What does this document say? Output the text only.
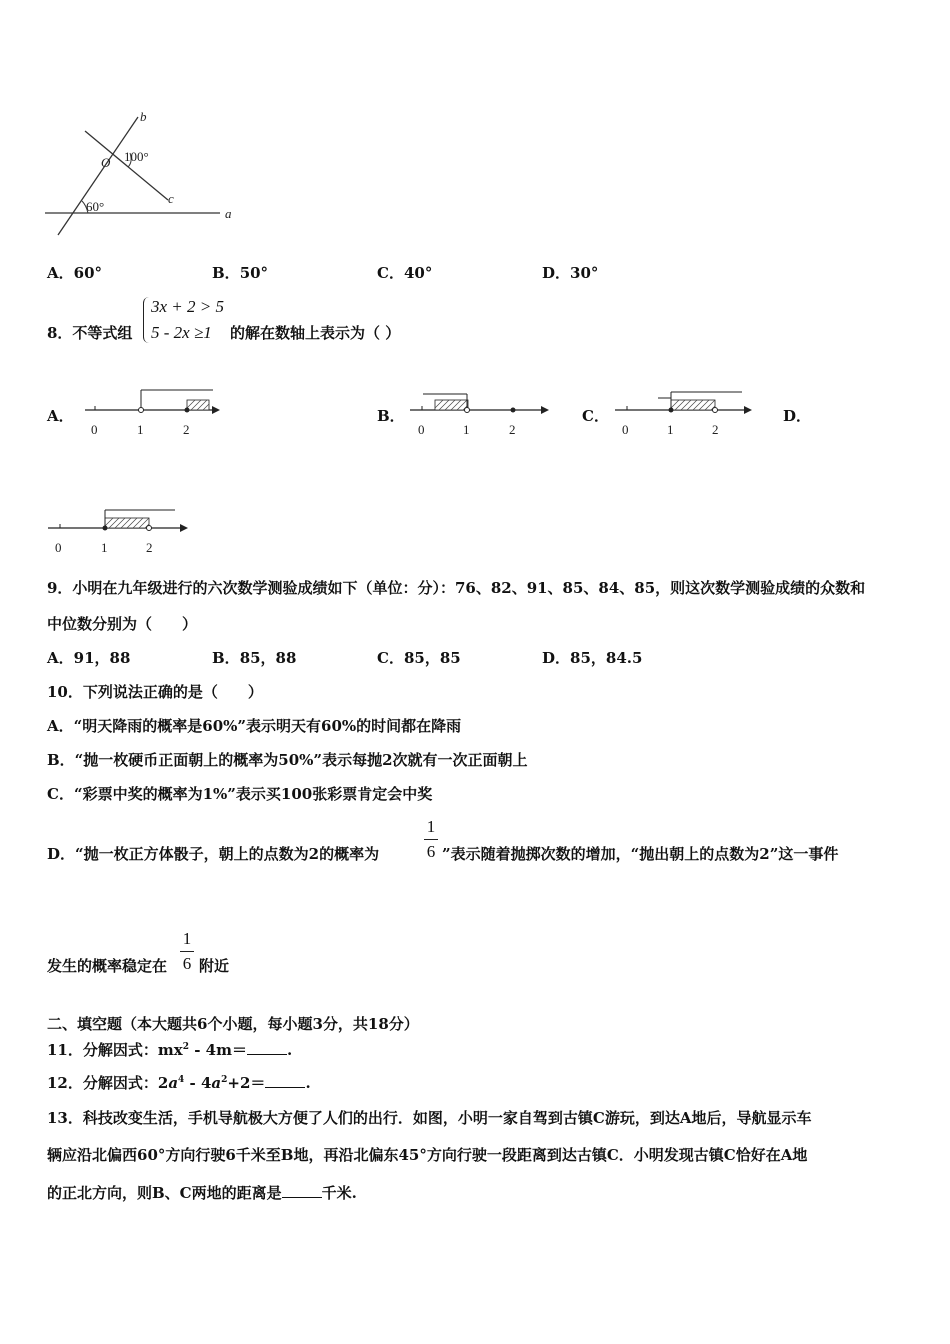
b
O 100°
c
60°	a
A．60°	B．50°	C．40°	D．30°
8．不等式组
3x + 2 > 5
5 - 2x ≥1 的解在数轴上表示为（ ）
A．
0	1	2
B．
0	1	2
C．
0	1	2
D．
0	1	2
9．小明在九年级进行的六次数学测验成绩如下（单位：分）：76、82、91、85、84、85，则这次数学测验成绩的众数和
中位数分别为（　　）
A．91，88	B．85，88	C．85，85	D．85，84.5
10．下列说法正确的是（　　）
A．“明天降雨的概率是60%”表示明天有60%的时间都在降雨
B．“抛一枚硬币正面朝上的概率为50%”表示每抛2次就有一次正面朝上
C．“彩票中奖的概率为1%”表示买100张彩票肯定会中奖
D．“抛一枚正方体骰子，朝上的点数为2的概率为
1
6 ”表示随着抛掷次数的增加，“抛出朝上的点数为2”这一事件
发生的概率稳定在
1
6 附近
二、填空题（本大题共6个小题，每小题3分，共18分）
11．分解因式：$mx^2 - 4m=$	.
12．分解因式：$2a^4 - 4a^2+2=$	.
13．科技改变生活，手机导航极大方便了人们的出行．如图，小明一家自驾到古镇C游玩，到达A地后，导航显示车
辆应沿北偏西60°方向行驶6千米至B地，再沿北偏东45°方向行驶一段距离到达古镇C．小明发现古镇C恰好在A地
的正北方向，则B、C两地的距离是	千米.
